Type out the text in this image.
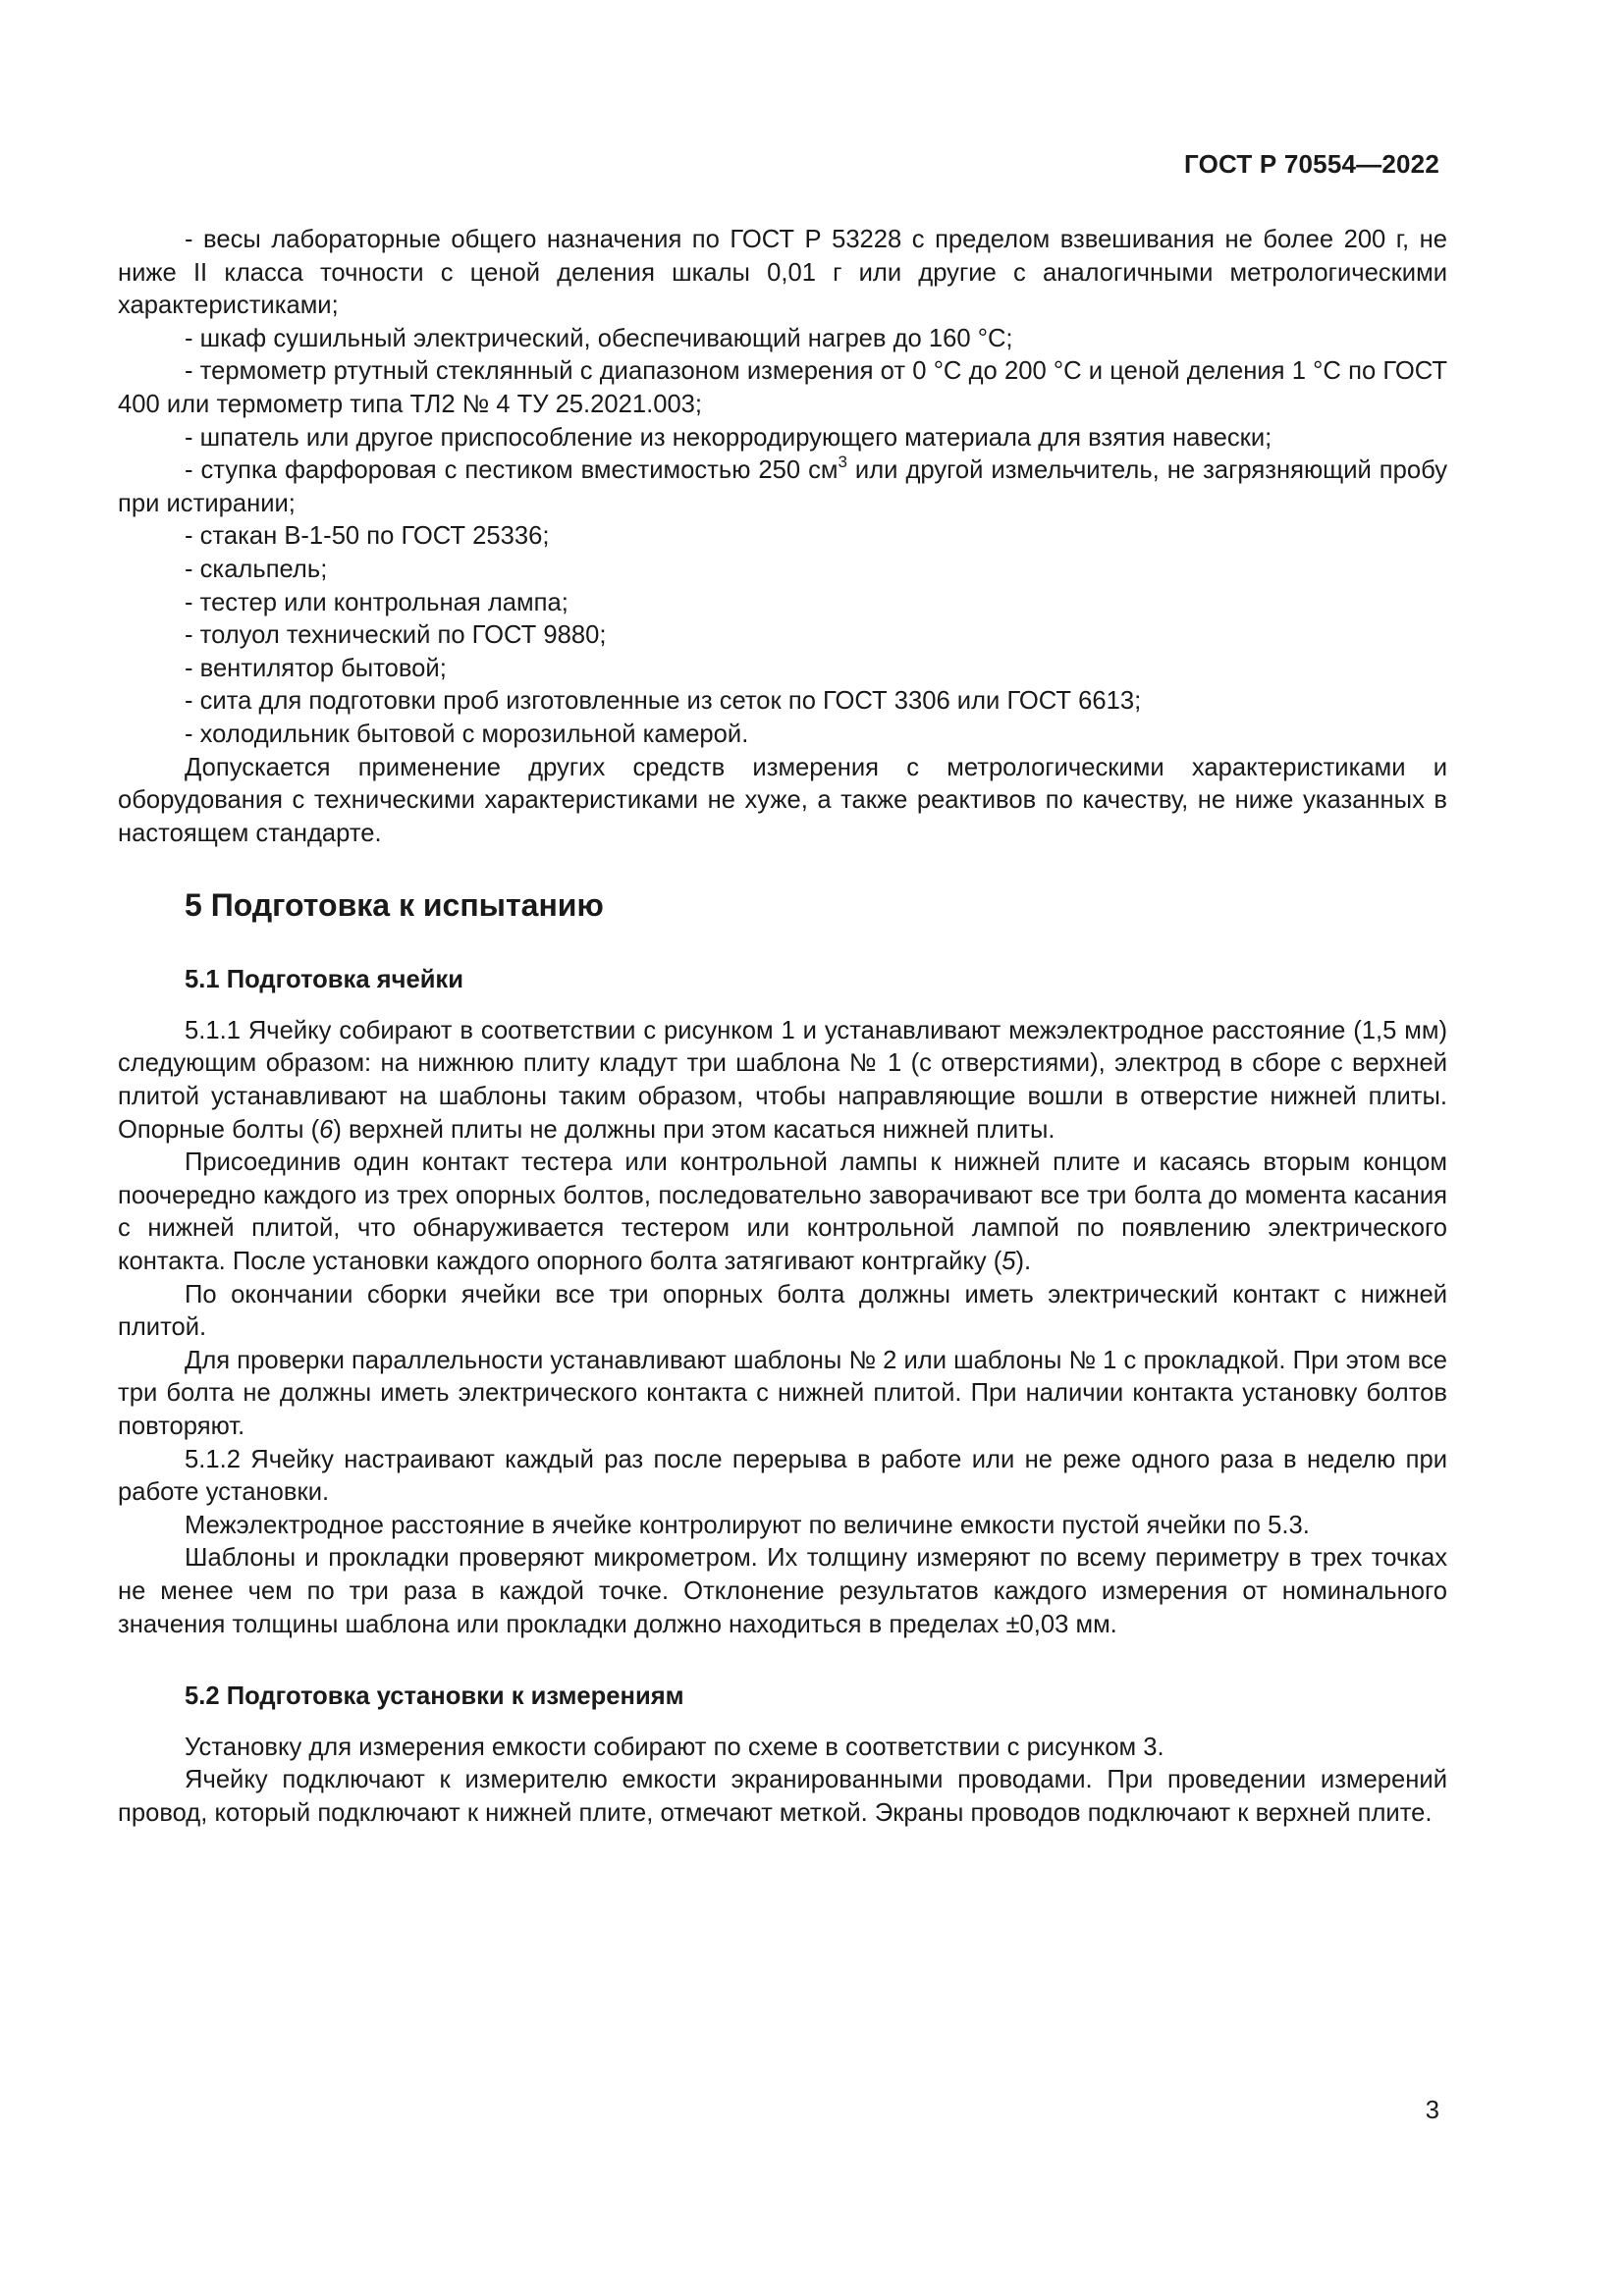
ГОСТ Р 70554—2022

- весы лабораторные общего назначения по ГОСТ Р 53228 с пределом взвешивания не более 200 г, не ниже II класса точности с ценой деления шкалы 0,01 г или другие с аналогичными метрологическими характеристиками;

- шкаф сушильный электрический, обеспечивающий нагрев до 160 °С;

- термометр ртутный стеклянный с диапазоном измерения от 0 °С до 200 °С и ценой деления 1 °С по ГОСТ 400 или термометр типа ТЛ2 № 4 ТУ 25.2021.003;

- шпатель или другое приспособление из некорродирующего материала для взятия навески;

- ступка фарфоровая с пестиком вместимостью 250 $см^3$ или другой измельчитель, не загрязняющий пробу при истирании;

- стакан В-1-50 по ГОСТ 25336;

- скальпель;

- тестер или контрольная лампа;

- толуол технический по ГОСТ 9880;

- вентилятор бытовой;

- сита для подготовки проб изготовленные из сеток по ГОСТ 3306 или ГОСТ 6613;

- холодильник бытовой с морозильной камерой.

Допускается применение других средств измерения с метрологическими характеристиками и оборудования с техническими характеристиками не хуже, а также реактивов по качеству, не ниже указанных в настоящем стандарте.

5 Подготовка к испытанию
5.1 Подготовка ячейки

5.1.1 Ячейку собирают в соответствии с рисунком 1 и устанавливают межэлектродное расстояние (1,5 мм) следующим образом: на нижнюю плиту кладут три шаблона № 1 (с отверстиями), электрод в сборе с верхней плитой устанавливают на шаблоны таким образом, чтобы направляющие вошли в отверстие нижней плиты. Опорные болты (6) верхней плиты не должны при этом касаться нижней плиты.

Присоединив один контакт тестера или контрольной лампы к нижней плите и касаясь вторым концом поочередно каждого из трех опорных болтов, последовательно заворачивают все три болта до момента касания с нижней плитой, что обнаруживается тестером или контрольной лампой по появлению электрического контакта. После установки каждого опорного болта затягивают контргайку (5).

По окончании сборки ячейки все три опорных болта должны иметь электрический контакт с нижней плитой.

Для проверки параллельности устанавливают шаблоны № 2 или шаблоны № 1 с прокладкой. При этом все три болта не должны иметь электрического контакта с нижней плитой. При наличии контакта установку болтов повторяют.

5.1.2 Ячейку настраивают каждый раз после перерыва в работе или не реже одного раза в неделю при работе установки.

Межэлектродное расстояние в ячейке контролируют по величине емкости пустой ячейки по 5.3.

Шаблоны и прокладки проверяют микрометром. Их толщину измеряют по всему периметру в трех точках не менее чем по три раза в каждой точке. Отклонение результатов каждого измерения от номинального значения толщины шаблона или прокладки должно находиться в пределах ±0,03 мм.

5.2 Подготовка установки к измерениям

Установку для измерения емкости собирают по схеме в соответствии с рисунком 3.

Ячейку подключают к измерителю емкости экранированными проводами. При проведении измерений провод, который подключают к нижней плите, отмечают меткой. Экраны проводов подключают к верхней плите.

3
